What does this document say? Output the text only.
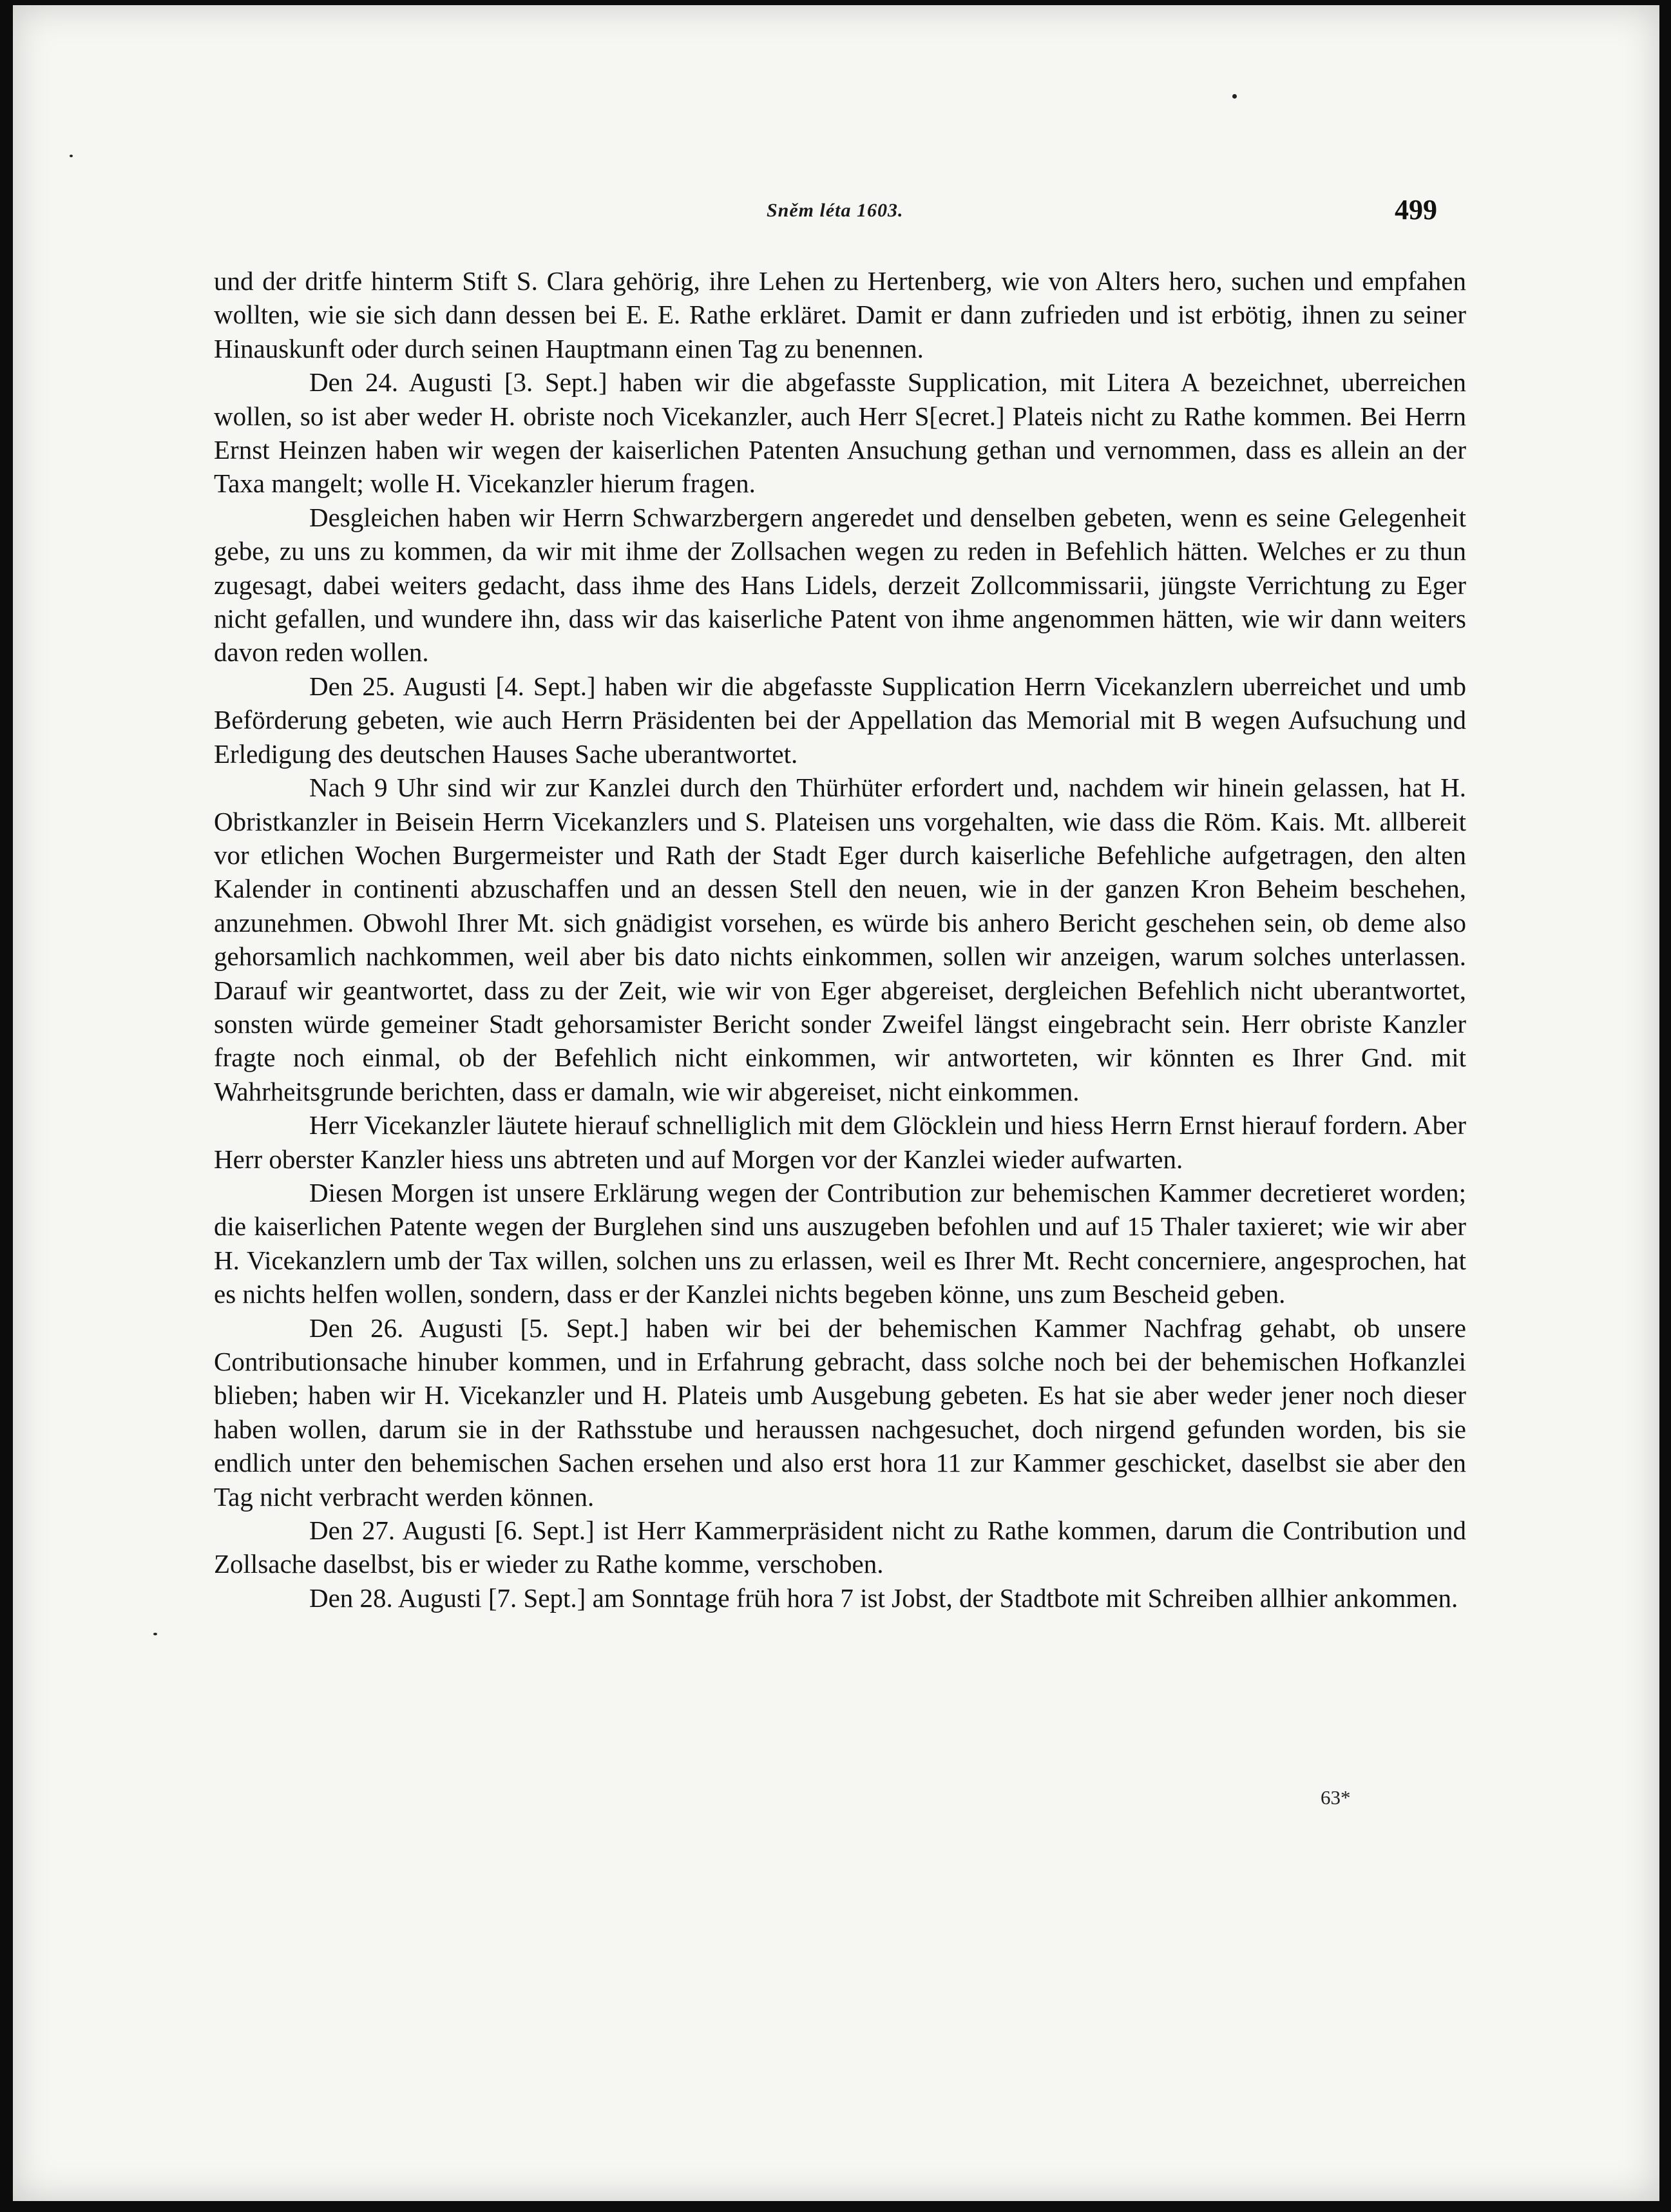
Sněm léta 1603.	499

und der dritfe hinterm Stift S. Clara gehörig, ihre Lehen zu Hertenberg, wie von Alters hero, suchen und empfahen wollten, wie sie sich dann dessen bei E. E. Rathe erkläret. Damit er dann zufrieden und ist erbötig, ihnen zu seiner Hinauskunft oder durch seinen Hauptmann einen Tag zu benennen.

Den 24. Augusti [3. Sept.] haben wir die abgefasste Supplication, mit Litera A bezeichnet, uberreichen wollen, so ist aber weder H. obriste noch Vicekanzler, auch Herr S[ecret.] Plateis nicht zu Rathe kommen. Bei Herrn Ernst Heinzen haben wir wegen der kaiserlichen Patenten Ansuchung gethan und vernommen, dass es allein an der Taxa mangelt; wolle H. Vicekanzler hierum fragen.

Desgleichen haben wir Herrn Schwarzbergern angeredet und denselben gebeten, wenn es seine Gelegenheit gebe, zu uns zu kommen, da wir mit ihme der Zollsachen wegen zu reden in Befehlich hätten. Welches er zu thun zugesagt, dabei weiters gedacht, dass ihme des Hans Lidels, derzeit Zollcommissarii, jüngste Verrichtung zu Eger nicht gefallen, und wundere ihn, dass wir das kaiserliche Patent von ihme angenommen hätten, wie wir dann weiters davon reden wollen.

Den 25. Augusti [4. Sept.] haben wir die abgefasste Supplication Herrn Vicekanzlern uberreichet und umb Beförderung gebeten, wie auch Herrn Präsidenten bei der Appellation das Memorial mit B wegen Aufsuchung und Erledigung des deutschen Hauses Sache uberantwortet.

Nach 9 Uhr sind wir zur Kanzlei durch den Thürhüter erfordert und, nachdem wir hinein gelassen, hat H. Obristkanzler in Beisein Herrn Vicekanzlers und S. Plateisen uns vorgehalten, wie dass die Röm. Kais. Mt. allbereit vor etlichen Wochen Burgermeister und Rath der Stadt Eger durch kaiserliche Befehliche aufgetragen, den alten Kalender in continenti abzuschaffen und an dessen Stell den neuen, wie in der ganzen Kron Beheim beschehen, anzunehmen. Obwohl Ihrer Mt. sich gnädigist vorsehen, es würde bis anhero Bericht geschehen sein, ob deme also gehorsamlich nachkommen, weil aber bis dato nichts einkommen, sollen wir anzeigen, warum solches unterlassen. Darauf wir geantwortet, dass zu der Zeit, wie wir von Eger abgereiset, dergleichen Befehlich nicht uberantwortet, sonsten würde gemeiner Stadt gehorsamister Bericht sonder Zweifel längst eingebracht sein. Herr obriste Kanzler fragte noch einmal, ob der Befehlich nicht einkommen, wir antworteten, wir könnten es Ihrer Gnd. mit Wahrheitsgrunde berichten, dass er damaln, wie wir abgereiset, nicht einkommen.

Herr Vicekanzler läutete hierauf schnelliglich mit dem Glöcklein und hiess Herrn Ernst hierauf fordern. Aber Herr oberster Kanzler hiess uns abtreten und auf Morgen vor der Kanzlei wieder aufwarten.

Diesen Morgen ist unsere Erklärung wegen der Contribution zur behemischen Kammer decretieret worden; die kaiserlichen Patente wegen der Burglehen sind uns auszugeben befohlen und auf 15 Thaler taxieret; wie wir aber H. Vicekanzlern umb der Tax willen, solchen uns zu erlassen, weil es Ihrer Mt. Recht concerniere, angesprochen, hat es nichts helfen wollen, sondern, dass er der Kanzlei nichts begeben könne, uns zum Bescheid geben.

Den 26. Augusti [5. Sept.] haben wir bei der behemischen Kammer Nachfrag gehabt, ob unsere Contributionsache hinuber kommen, und in Erfahrung gebracht, dass solche noch bei der behemischen Hofkanzlei blieben; haben wir H. Vicekanzler und H. Plateis umb Ausgebung gebeten. Es hat sie aber weder jener noch dieser haben wollen, darum sie in der Rathsstube und heraussen nachgesuchet, doch nirgend gefunden worden, bis sie endlich unter den behemischen Sachen ersehen und also erst hora 11 zur Kammer geschicket, daselbst sie aber den Tag nicht verbracht werden können.

Den 27. Augusti [6. Sept.] ist Herr Kammerpräsident nicht zu Rathe kommen, darum die Contribution und Zollsache daselbst, bis er wieder zu Rathe komme, verschoben.

Den 28. Augusti [7. Sept.] am Sonntage früh hora 7 ist Jobst, der Stadtbote mit Schreiben allhier ankommen.

63*
